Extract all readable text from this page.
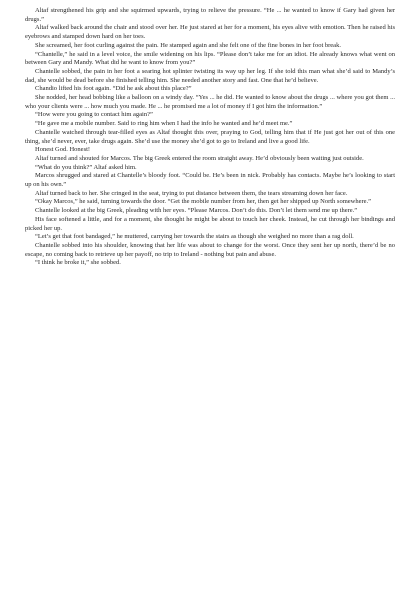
Altaf strengthened his grip and she squirmed upwards, trying to relieve the pressure. “He ... he wanted to know if Gary had given her drugs.”

Altaf walked back around the chair and stood over her. He just stared at her for a moment, his eyes alive with emotion. Then he raised his eyebrows and stamped down hard on her toes.

She screamed, her foot curling against the pain. He stamped again and she felt one of the fine bones in her foot break.

“Chantelle,” he said in a level voice, the smile widening on his lips. “Please don’t take me for an idiot. He already knows what went on between Gary and Mandy. What did he want to know from you?”

Chantelle sobbed, the pain in her foot a searing hot splinter twisting its way up her leg. If she told this man what she’d said to Mandy’s dad, she would be dead before she finished telling him. She needed another story and fast. One that he’d believe.

Chandio lifted his foot again. “Did he ask about this place?”

She nodded, her head bobbing like a balloon on a windy day. “Yes ... he did. He wanted to know about the drugs ... where you got them ... who your clients were ... how much you made. He ... he promised me a lot of money if I got him the information.”

“How were you going to contact him again?”

“He gave me a mobile number. Said to ring him when I had the info he wanted and he’d meet me.”

Chantelle watched through tear-filled eyes as Altaf thought this over, praying to God, telling him that if He just got her out of this one thing, she’d never, ever, take drugs again. She’d use the money she’d got to go to Ireland and live a good life.

Honest God. Honest!

Altaf turned and shouted for Marcos. The big Greek entered the room straight away. He’d obviously been waiting just outside.

“What do you think?” Altaf asked him.

Marcos shrugged and stared at Chantelle’s bloody foot. “Could be. He’s been in nick. Probably has contacts. Maybe he’s looking to start up on his own.”

Altaf turned back to her. She cringed in the seat, trying to put distance between them, the tears streaming down her face.

“Okay Marcos,” he said, turning towards the door. “Get the mobile number from her, then get her shipped up North somewhere.”

Chantelle looked at the big Greek, pleading with her eyes. “Please Marcos. Don’t do this. Don’t let them send me up there.”

His face softened a little, and for a moment, she thought he might be about to touch her cheek. Instead, he cut through her bindings and picked her up.

“Let’s get that foot bandaged,” he muttered, carrying her towards the stairs as though she weighed no more than a rag doll.

Chantelle sobbed into his shoulder, knowing that her life was about to change for the worst. Once they sent her up north, there’d be no escape, no coming back to retrieve up her payoff, no trip to Ireland - nothing but pain and abuse.

“I think he broke it,” she sobbed.
